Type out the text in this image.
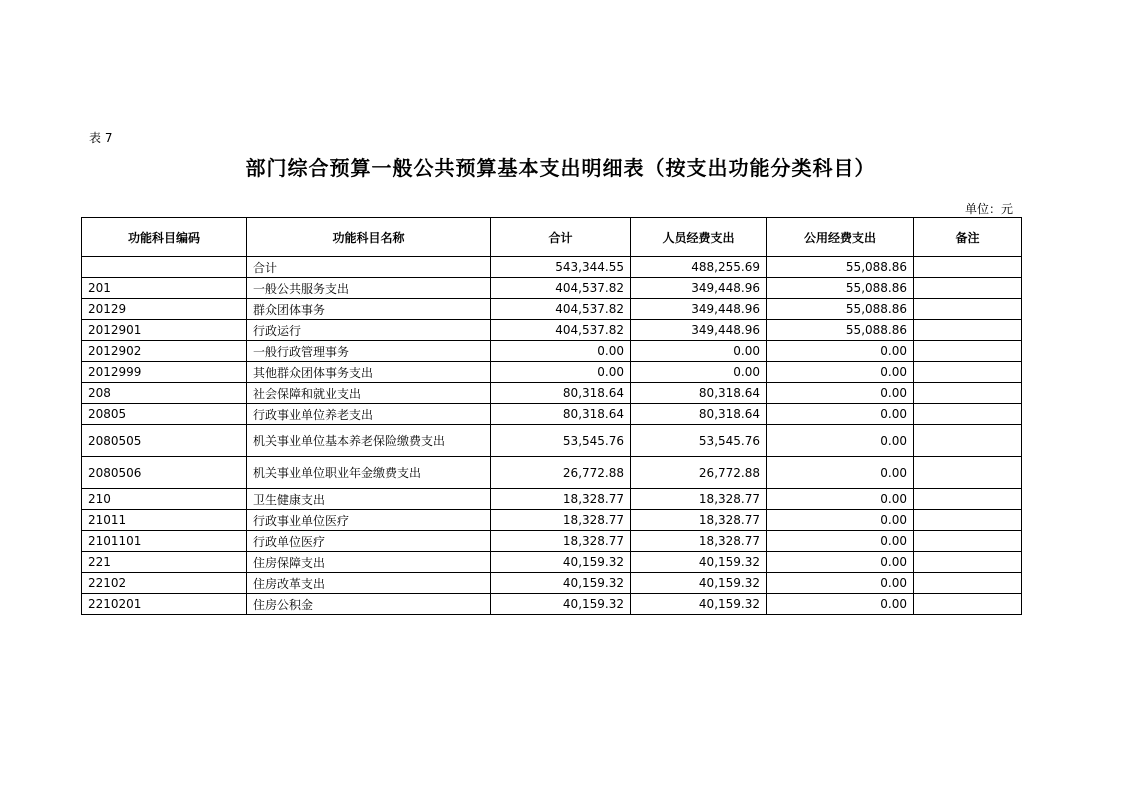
表 7
部门综合预算一般公共预算基本支出明细表（按支出功能分类科目）
单位：元
功能科目编码	功能科目名称	合计	人员经费支出	公用经费支出	备注
	合计	543,344.55	488,255.69	55,088.86	
201	一般公共服务支出	404,537.82	349,448.96	55,088.86	
20129	群众团体事务	404,537.82	349,448.96	55,088.86	
2012901	行政运行	404,537.82	349,448.96	55,088.86	
2012902	一般行政管理事务	0.00	0.00	0.00	
2012999	其他群众团体事务支出	0.00	0.00	0.00	
208	社会保障和就业支出	80,318.64	80,318.64	0.00	
20805	行政事业单位养老支出	80,318.64	80,318.64	0.00	
2080505	机关事业单位基本养老保险缴费支出	53,545.76	53,545.76	0.00	
2080506	机关事业单位职业年金缴费支出	26,772.88	26,772.88	0.00	
210	卫生健康支出	18,328.77	18,328.77	0.00	
21011	行政事业单位医疗	18,328.77	18,328.77	0.00	
2101101	行政单位医疗	18,328.77	18,328.77	0.00	
221	住房保障支出	40,159.32	40,159.32	0.00	
22102	住房改革支出	40,159.32	40,159.32	0.00	
2210201	住房公积金	40,159.32	40,159.32	0.00	
